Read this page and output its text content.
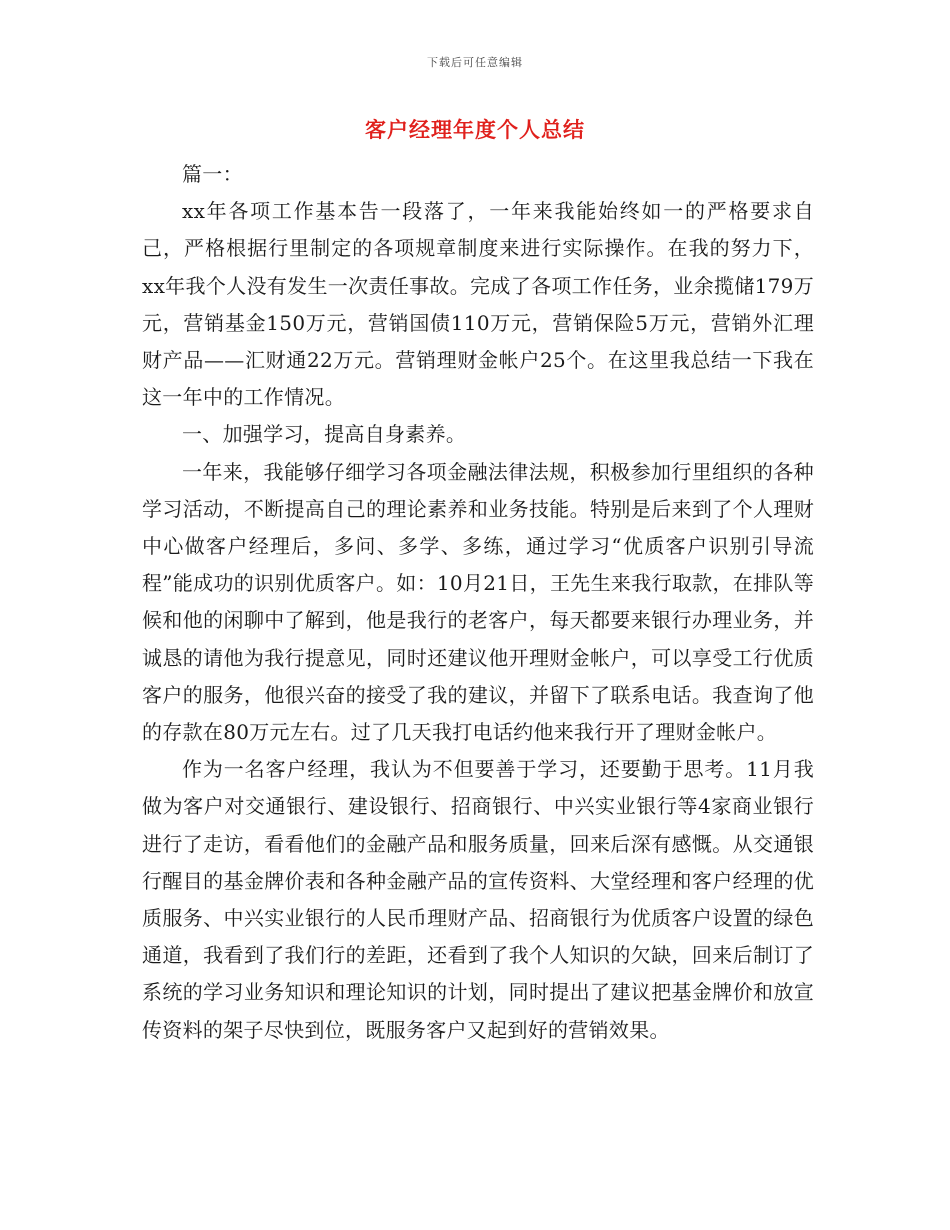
下载后可任意编辑
客户经理年度个人总结

篇一：

xx年各项工作基本告一段落了，一年来我能始终如一的严格要求自己，严格根据行里制定的各项规章制度来进行实际操作。在我的努力下，xx年我个人没有发生一次责任事故。完成了各项工作任务，业余揽储179万元，营销基金150万元，营销国债110万元，营销保险5万元，营销外汇理财产品——汇财通22万元。营销理财金帐户25个。在这里我总结一下我在这一年中的工作情况。

一、加强学习，提高自身素养。

一年来，我能够仔细学习各项金融法律法规，积极参加行里组织的各种学习活动，不断提高自己的理论素养和业务技能。特别是后来到了个人理财中心做客户经理后，多问、多学、多练，通过学习“优质客户识别引导流程”能成功的识别优质客户。如：10月21日，王先生来我行取款，在排队等候和他的闲聊中了解到，他是我行的老客户，每天都要来银行办理业务，并诚恳的请他为我行提意见，同时还建议他开理财金帐户，可以享受工行优质客户的服务，他很兴奋的接受了我的建议，并留下了联系电话。我查询了他的存款在80万元左右。过了几天我打电话约他来我行开了理财金帐户。

作为一名客户经理，我认为不但要善于学习，还要勤于思考。11月我做为客户对交通银行、建设银行、招商银行、中兴实业银行等4家商业银行进行了走访，看看他们的金融产品和服务质量，回来后深有感慨。从交通银行醒目的基金牌价表和各种金融产品的宣传资料、大堂经理和客户经理的优质服务、中兴实业银行的人民币理财产品、招商银行为优质客户设置的绿色通道，我看到了我们行的差距，还看到了我个人知识的欠缺，回来后制订了系统的学习业务知识和理论知识的计划，同时提出了建议把基金牌价和放宣传资料的架子尽快到位，既服务客户又起到好的营销效果。
